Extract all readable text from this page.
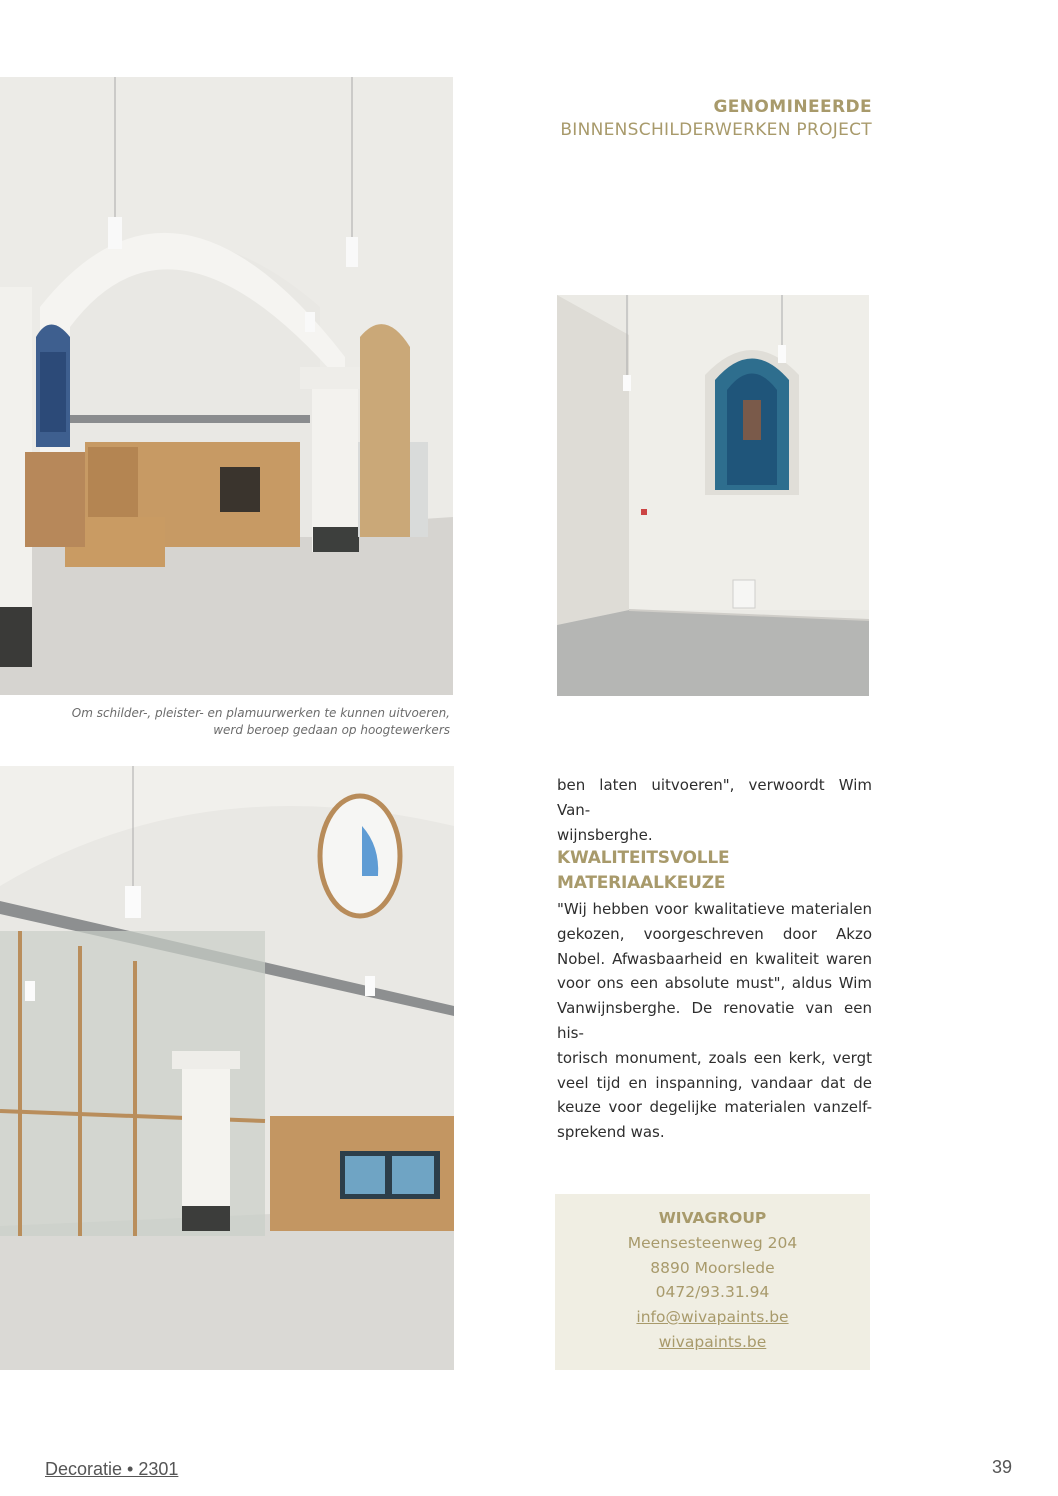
Om schilder-, pleister- en plamuurwerken te kunnen uitvoeren,
werd beroep gedaan op hoogtewerkers
GENOMINEERDE
BINNENSCHILDERWERKEN PROJECT
ben laten uitvoeren", verwoordt Wim Van-
wijnsberghe.
KWALITEITSVOLLE
MATERIAALKEUZE
"Wij hebben voor kwalitatieve materialen
gekozen, voorgeschreven door Akzo
Nobel. Afwasbaarheid en kwaliteit waren
voor ons een absolute must", aldus Wim
Vanwijnsberghe. De renovatie van een his-
torisch monument, zoals een kerk, vergt
veel tijd en inspanning, vandaar dat de
keuze voor degelijke materialen vanzelf-
sprekend was.
WIVAGROUP
Meensesteenweg 204
8890 Moorslede
0472/93.31.94
info@wivapaints.be
wivapaints.be
Decoratie • 2301	39
